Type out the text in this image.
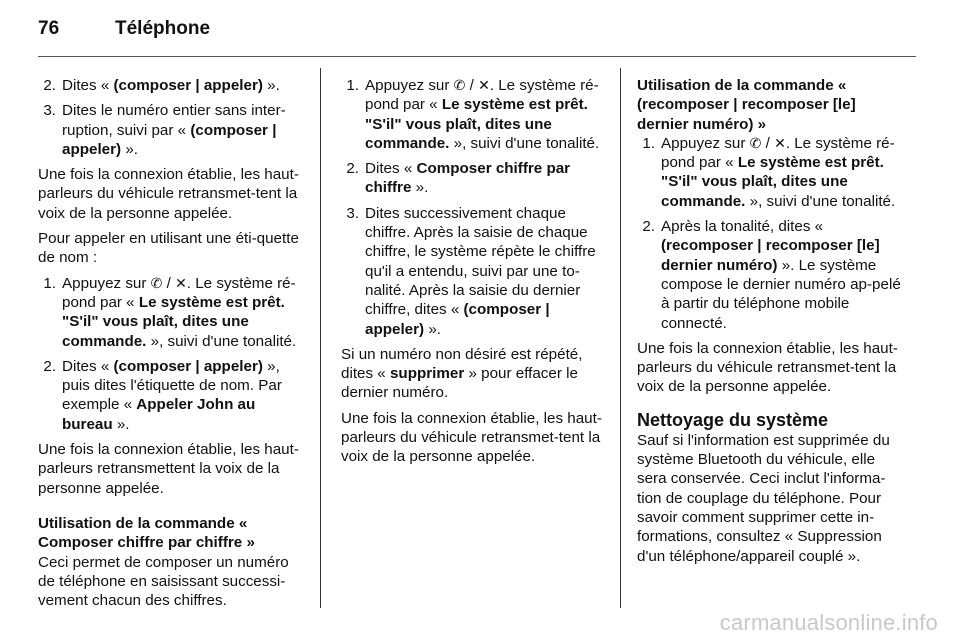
76	Téléphone
2. Dites « (composer | appeler) ».
3. Dites le numéro entier sans inter-ruption, suivi par « (composer | appeler) ».
Une fois la connexion établie, les haut-parleurs du véhicule retransmet-tent la voix de la personne appelée.
Pour appeler en utilisant une éti-quette de nom :
1. Appuyez sur ✆ / ✕. Le système ré-pond par « Le système est prêt. "S'il" vous plaît, dites une commande. », suivi d'une tonalité.
2. Dites « (composer | appeler) », puis dites l'étiquette de nom. Par exemple « Appeler John au bureau ».
Une fois la connexion établie, les haut-parleurs retransmettent la voix de la personne appelée.
Utilisation de la commande « Composer chiffre par chiffre »
Ceci permet de composer un numéro de téléphone en saisissant successi-vement chacun des chiffres.
1. Appuyez sur ✆ / ✕. Le système ré-pond par « Le système est prêt. "S'il" vous plaît, dites une commande. », suivi d'une tonalité.
2. Dites « Composer chiffre par chiffre ».
3. Dites successivement chaque chiffre. Après la saisie de chaque chiffre, le système répète le chiffre qu'il a entendu, suivi par une to-nalité. Après la saisie du dernier chiffre, dites « (composer | appeler) ».
Si un numéro non désiré est répété, dites « supprimer » pour effacer le dernier numéro.
Une fois la connexion établie, les haut-parleurs du véhicule retransmet-tent la voix de la personne appelée.
Utilisation de la commande « (recomposer | recomposer [le] dernier numéro) »
1. Appuyez sur ✆ / ✕. Le système ré-pond par « Le système est prêt. "S'il" vous plaît, dites une commande. », suivi d'une tonalité.
2. Après la tonalité, dites « (recomposer | recomposer [le] dernier numéro) ». Le système compose le dernier numéro ap-pelé à partir du téléphone mobile connecté.
Une fois la connexion établie, les haut-parleurs du véhicule retransmet-tent la voix de la personne appelée.
Nettoyage du système
Sauf si l'information est supprimée du système Bluetooth du véhicule, elle sera conservée. Ceci inclut l'informa-tion de couplage du téléphone. Pour savoir comment supprimer cette in-formations, consultez « Suppression d'un téléphone/appareil couplé ».
carmanualsonline.info
